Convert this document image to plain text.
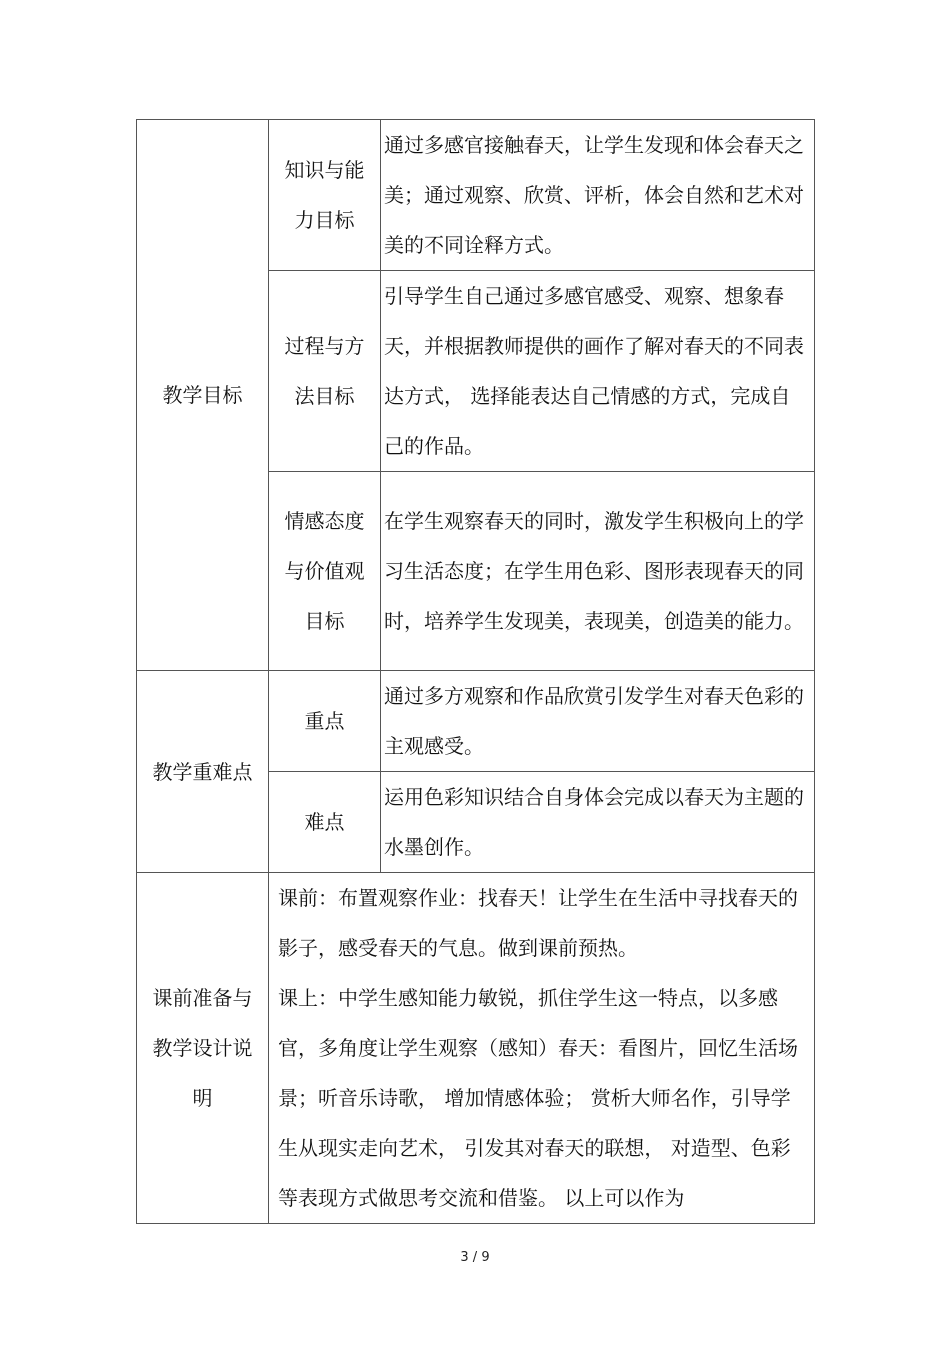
教学目标	知识与能力目标	通过多感官接触春天，让学生发现和体会春天之美；通过观察、欣赏、评析，体会自然和艺术对美的不同诠释方式。

	过程与方法目标	引导学生自己通过多感官感受、观察、想象春天，并根据教师提供的画作了解对春天的不同表达方式， 选择能表达自己情感的方式，完成自己的作品。

	情感态度与价值观目标	在学生观察春天的同时，激发学生积极向上的学习生活态度；在学生用色彩、图形表现春天的同时，培养学生发现美，表现美，创造美的能力。

教学重难点	重点	通过多方观察和作品欣赏引发学生对春天色彩的主观感受。

	难点	运用色彩知识结合自身体会完成以春天为主题的水墨创作。

课前准备与教学设计说明	课前：布置观察作业：找春天！让学生在生活中寻找春天的影子，感受春天的气息。做到课前预热。
课上：中学生感知能力敏锐，抓住学生这一特点，以多感官，多角度让学生观察（感知）春天：看图片，回忆生活场景；听音乐诗歌， 增加情感体验； 赏析大师名作，引导学生从现实走向艺术， 引发其对春天的联想， 对造型、色彩等表现方式做思考交流和借鉴。 以上可以作为	
3 / 9
